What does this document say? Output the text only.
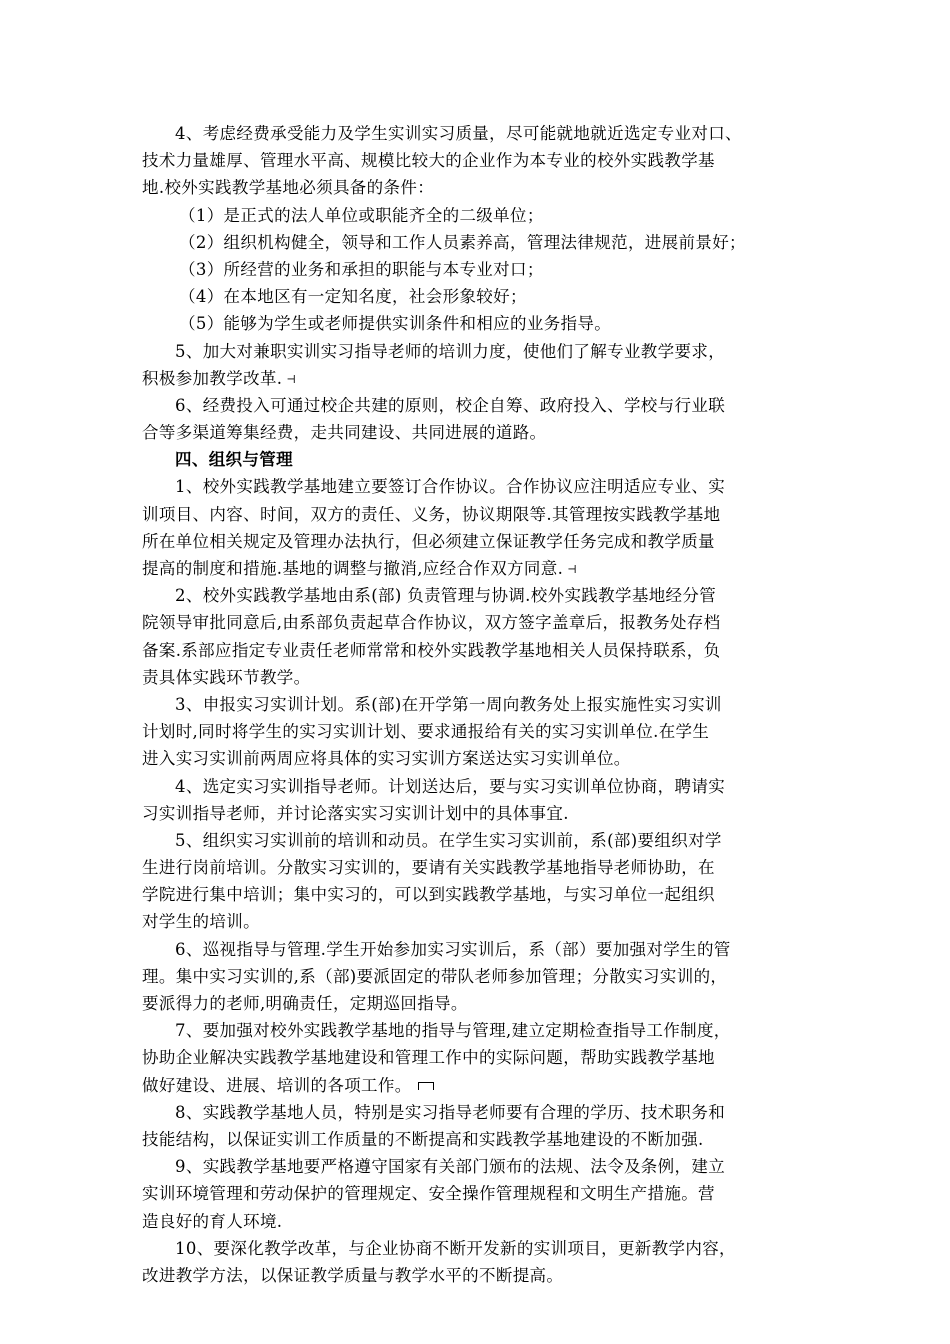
4、考虑经费承受能力及学生实训实习质量，尽可能就地就近选定专业对口、
技术力量雄厚、管理水平高、规模比较大的企业作为本专业的校外实践教学基
地.校外实践教学基地必须具备的条件：
（1）是正式的法人单位或职能齐全的二级单位；
（2）组织机构健全，领导和工作人员素养高，管理法律规范，进展前景好；
（3）所经营的业务和承担的职能与本专业对口；
（4）在本地区有一定知名度，社会形象较好；
（5）能够为学生或老师提供实训条件和相应的业务指导。
5、加大对兼职实训实习指导老师的培训力度，使他们了解专业教学要求，
积极参加教学改革. ⊣
6、经费投入可通过校企共建的原则，校企自筹、政府投入、学校与行业联
合等多渠道筹集经费，走共同建设、共同进展的道路。
四、组织与管理
1、校外实践教学基地建立要签订合作协议。合作协议应注明适应专业、实
训项目、内容、时间，双方的责任、义务，协议期限等.其管理按实践教学基地
所在单位相关规定及管理办法执行，但必须建立保证教学任务完成和教学质量
提高的制度和措施.基地的调整与撤消,应经合作双方同意. ⊣
2、校外实践教学基地由系(部) 负责管理与协调.校外实践教学基地经分管
院领导审批同意后,由系部负责起草合作协议，双方签字盖章后，报教务处存档
备案.系部应指定专业责任老师常常和校外实践教学基地相关人员保持联系，负
责具体实践环节教学。
3、申报实习实训计划。系(部)在开学第一周向教务处上报实施性实习实训
计划时,同时将学生的实习实训计划、要求通报给有关的实习实训单位.在学生
进入实习实训前两周应将具体的实习实训方案送达实习实训单位。
4、选定实习实训指导老师。计划送达后，要与实习实训单位协商，聘请实
习实训指导老师，并讨论落实实习实训计划中的具体事宜.
5、组织实习实训前的培训和动员。在学生实习实训前，系(部)要组织对学
生进行岗前培训。分散实习实训的，要请有关实践教学基地指导老师协助，在
学院进行集中培训；集中实习的，可以到实践教学基地，与实习单位一起组织
对学生的培训。
6、巡视指导与管理.学生开始参加实习实训后，系（部）要加强对学生的管
理。集中实习实训的,系（部)要派固定的带队老师参加管理；分散实习实训的，
要派得力的老师,明确责任，定期巡回指导。
7、要加强对校外实践教学基地的指导与管理,建立定期检查指导工作制度，
协助企业解决实践教学基地建设和管理工作中的实际问题，帮助实践教学基地
做好建设、进展、培训的各项工作。
8、实践教学基地人员，特别是实习指导老师要有合理的学历、技术职务和
技能结构，以保证实训工作质量的不断提高和实践教学基地建设的不断加强.
9、实践教学基地要严格遵守国家有关部门颁布的法规、法令及条例，建立
实训环境管理和劳动保护的管理规定、安全操作管理规程和文明生产措施。营
造良好的育人环境.
10、要深化教学改革，与企业协商不断开发新的实训项目，更新教学内容，
改进教学方法，以保证教学质量与教学水平的不断提高。
